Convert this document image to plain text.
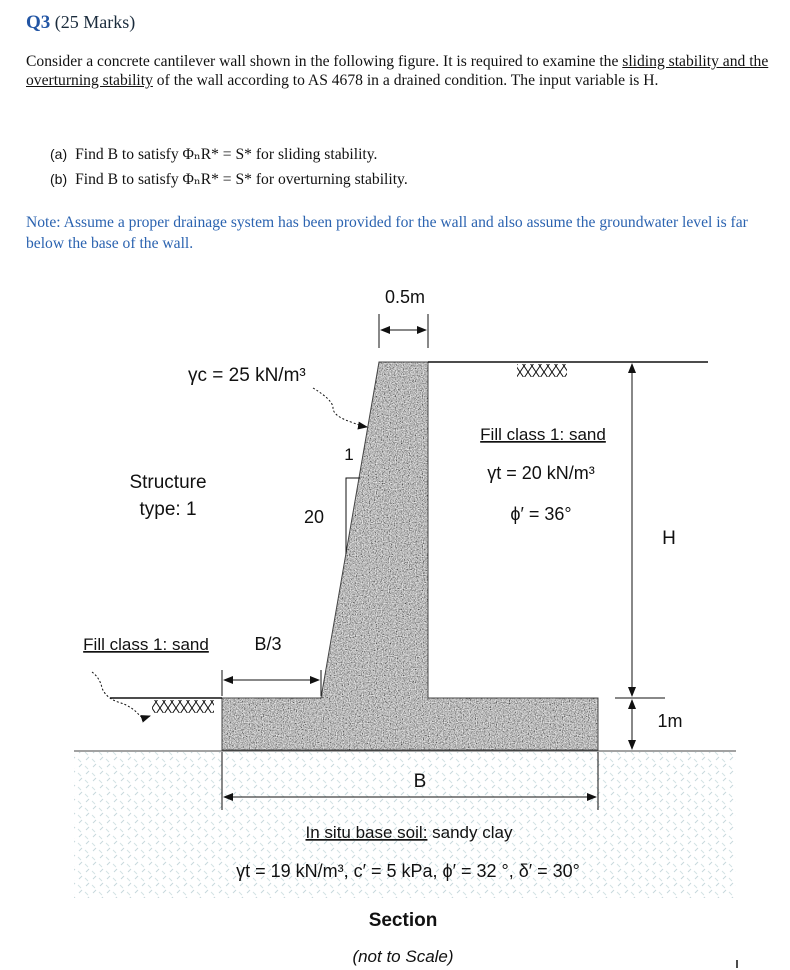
Q3 (25 Marks)
Consider a concrete cantilever wall shown in the following figure. It is required to examine the sliding stability and the overturning stability of the wall according to AS 4678 in a drained condition. The input variable is H.
(a) Find B to satisfy ΦₙR* = S* for sliding stability.
(b) Find B to satisfy ΦₙR* = S* for overturning stability.
Note: Assume a proper drainage system has been provided for the wall and also assume the groundwater level is far below the base of the wall.
0.5m
γc = 25 kN/m³
Structure
type: 1
1
20
Fill class 1: sand
γt = 20 kN/m³
ϕ′ = 36°
H
1m
Fill class 1: sand	B/3
B
In situ base soil: sandy clay
γt = 19 kN/m³, c′ = 5 kPa, ϕ′ = 32 °, δ′ = 30°
Section
(not to Scale)
